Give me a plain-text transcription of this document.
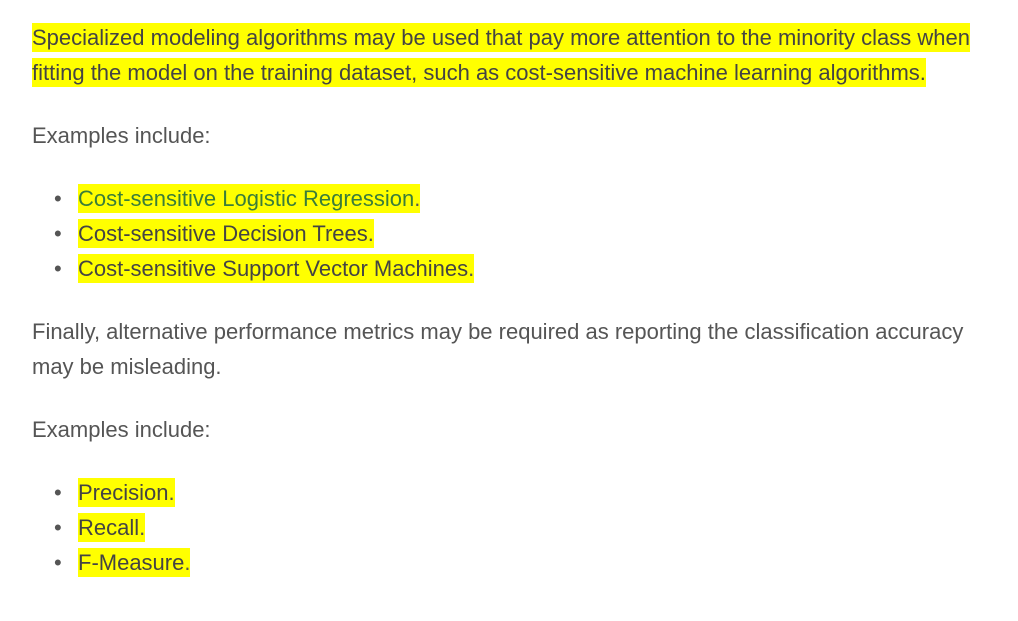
Specialized modeling algorithms may be used that pay more attention to the minority class when fitting the model on the training dataset, such as cost-sensitive machine learning algorithms.

Examples include:

• Cost-sensitive Logistic Regression.
• Cost-sensitive Decision Trees.
• Cost-sensitive Support Vector Machines.

Finally, alternative performance metrics may be required as reporting the classification accuracy may be misleading.

Examples include:

• Precision.
• Recall.
• F-Measure.
